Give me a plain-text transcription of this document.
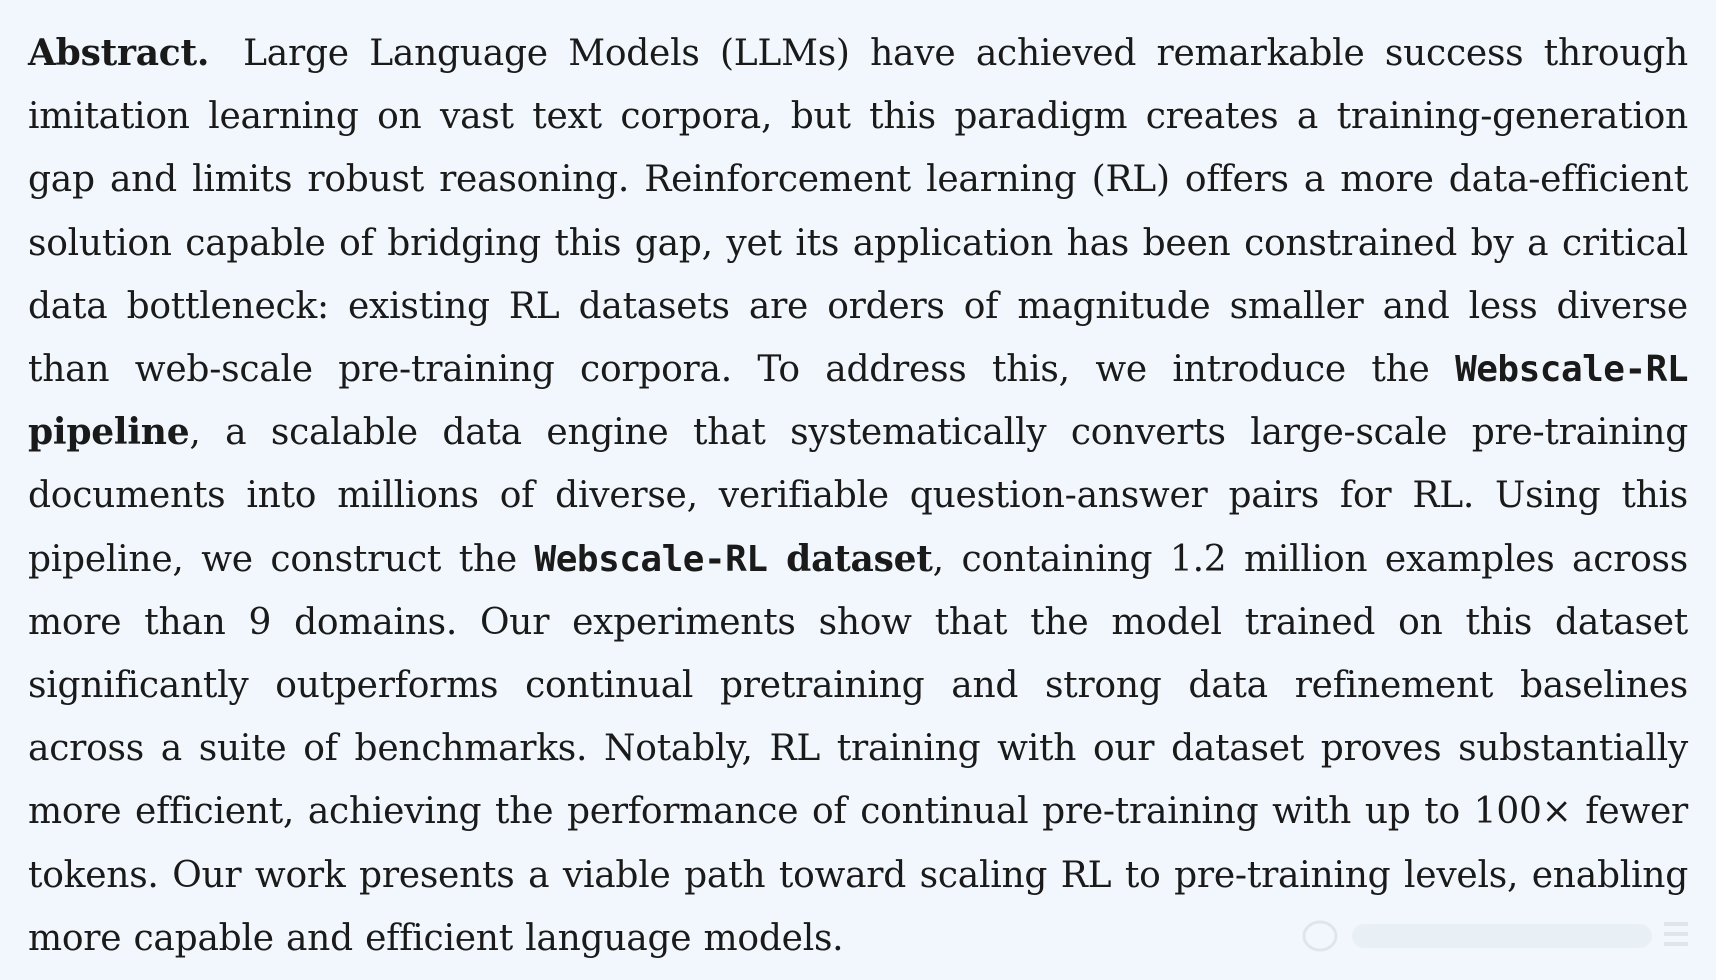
Abstract. Large Language Models (LLMs) have achieved remarkable success through imitation learning on vast text corpora, but this paradigm creates a training-generation gap and limits robust reasoning. Reinforcement learning (RL) offers a more data-efficient solution capable of bridging this gap, yet its application has been constrained by a critical data bottleneck: existing RL datasets are orders of magnitude smaller and less diverse than web-scale pre-training corpora. To address this, we introduce the Webscale-RL pipeline, a scalable data engine that systematically converts large-scale pre-training documents into millions of diverse, verifiable question-answer pairs for RL. Using this pipeline, we construct the Webscale-RL dataset, containing 1.2 million examples across more than 9 domains. Our experiments show that the model trained on this dataset significantly outperforms continual pretraining and strong data refinement baselines across a suite of benchmarks. Notably, RL training with our dataset proves substantially more efficient, achieving the performance of continual pre-training with up to 100× fewer tokens. Our work presents a viable path toward scaling RL to pre-training levels, enabling more capable and efficient language models.
